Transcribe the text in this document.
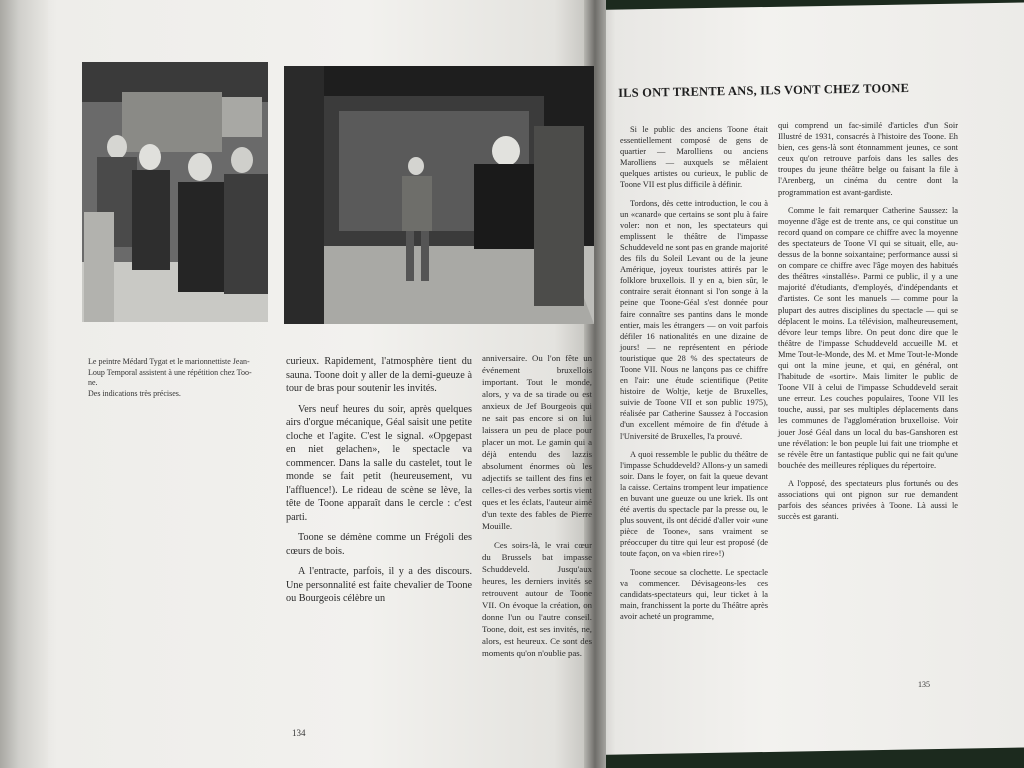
Le peintre Médard Tygat et le marionnettiste Jean-
Loup Temporal assistent à une répétition chez Too-
ne.
Des indications très précises.

curieux. Rapidement, l'atmosphère tient du sauna. Toone doit y aller de la demi-gueuze à tour de bras pour soutenir les invités.

Vers neuf heures du soir, après quelques airs d'orgue mécanique, Géal saisit une petite cloche et l'agite. C'est le signal. «Opgepast en niet gelachen», le spectacle va commencer. Dans la salle du castelet, tout le monde se fait petit (heureusement, vu l'affluence!). Le rideau de scène se lève, la tête de Toone apparaît dans le cercle : c'est parti.

Toone se démène comme un Frégoli des cœurs de bois.

A l'entracte, parfois, il y a des discours. Une personnalité est faite chevalier de Toone ou Bourgeois célèbre un

anniversaire. Ou l'on fête un événement bruxellois important. Tout le monde, alors, y va de sa tirade ou est anxieux de Jef Bourgeois qui ne sait pas encore si on lui laissera un peu de place pour placer un mot. Le gamin qui a déjà entendu des lazzis absolument énormes où les adjectifs se taillent des fins et celles-ci des verbes sortis vient ques et les éclats, l'auteur aimé d'un texte des fables de Pierre Mouille.

Ces soirs-là, le vrai cœur du Brussels bat impasse Schuddeveld. Jusqu'aux heures, les derniers invités se retrouvent autour de Toone VII. On évoque la création, on donne l'un ou l'autre conseil. Toone, doit, est ses invités, ne, alors, est heureux. Ce sont des moments qu'on n'oublie pas.

134
ILS ONT TRENTE ANS, ILS VONT CHEZ TOONE

Si le public des anciens Toone était essentiellement composé de gens de quartier — Marolliens ou anciens Marolliens — auxquels se mêlaient quelques artistes ou curieux, le public de Toone VII est plus difficile à définir.

Tordons, dès cette introduction, le cou à un «canard» que certains se sont plu à faire voler: non et non, les spectateurs qui emplissent le théâtre de l'impasse Schuddeveld ne sont pas en grande majorité des fils du Soleil Levant ou de la jeune Amérique, joyeux touristes attirés par le folklore bruxellois. Il y en a, bien sûr, le contraire serait étonnant si l'on songe à la peine que Toone-Géal s'est donnée pour faire connaître ses pantins dans le monde entier, mais les étrangers — on voit parfois défiler 16 nationalités en une dizaine de jours! — ne représentent en période touristique que 28 % des spectateurs de Toone VII. Nous ne lançons pas ce chiffre en l'air: une étude scientifique (Petite histoire de Woltje, ketje de Bruxelles, suivie de Toone VII et son public 1975), réalisée par Catherine Saussez à l'occasion d'un excellent mémoire de fin d'étude à l'Université de Bruxelles, l'a prouvé.

A quoi ressemble le public du théâtre de l'impasse Schuddeveld? Allons-y un samedi soir. Dans le foyer, on fait la queue devant la caisse. Certains trompent leur impatience en buvant une gueuze ou une kriek. Ils ont été avertis du spectacle par la presse ou, le plus souvent, ils ont décidé d'aller voir «une pièce de Toone», sans vraiment se préoccuper du titre qui leur est proposé (de toute façon, on va «bien rire»!)

Toone secoue sa clochette. Le spectacle va commencer. Dévisageons-les ces candidats-spectateurs qui, leur ticket à la main, franchissent la porte du Théâtre après avoir acheté un programme,

qui comprend un fac-similé d'articles d'un Soir Illustré de 1931, consacrés à l'histoire des Toone. Eh bien, ces gens-là sont étonnamment jeunes, ce sont ceux qu'on retrouve parfois dans les salles des troupes du jeune théâtre belge ou faisant la file à l'Arenberg, un cinéma du centre dont la programmation est avant-gardiste.

Comme le fait remarquer Catherine Saussez: la moyenne d'âge est de trente ans, ce qui constitue un record quand on compare ce chiffre avec la moyenne des spectateurs de Toone VI qui se situait, elle, au-dessus de la bonne soixantaine; performance aussi si on compare ce chiffre avec l'âge moyen des habitués des théâtres «installés». Parmi ce public, il y a une majorité d'étudiants, d'employés, d'indépendants et d'artistes. Ce sont les manuels — comme pour la plupart des autres disciplines du spectacle — qui se déplacent le moins. La télévision, malheureusement, dévore leur temps libre. On peut donc dire que le théâtre de l'impasse Schuddeveld accueille M. et Mme Tout-le-Monde, des M. et Mme Tout-le-Monde qui ont la mine jeune, et qui, en général, ont l'habitude de «sortir». Mais limiter le public de Toone VII à celui de l'impasse Schuddeveld serait une erreur. Les couches populaires, Toone VII les touche, aussi, par ses multiples déplacements dans les communes de l'agglomération bruxelloise. Voir jouer José Géal dans un local du bas-Ganshoren est une révélation: le bon peuple lui fait une triomphe et se révèle être un fantastique public qui ne fait qu'une bouchée des meilleures répliques du répertoire.

A l'opposé, des spectateurs plus fortunés ou des associations qui ont pignon sur rue demandent parfois des séances privées à Toone. Là aussi le succès est garanti.

135
